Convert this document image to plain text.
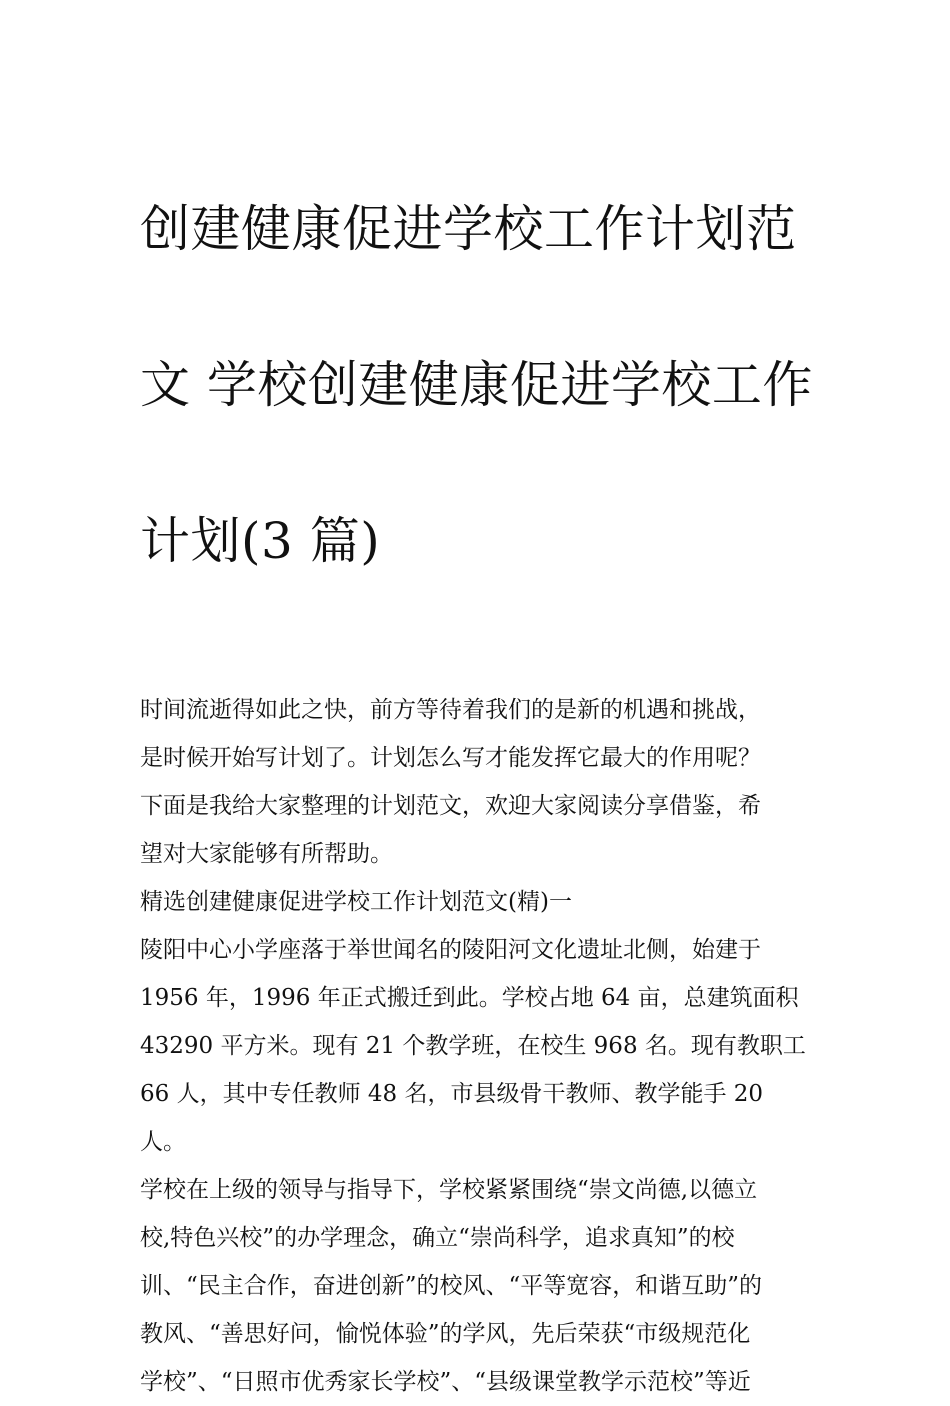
创建健康促进学校工作计划范

文 学校创建健康促进学校工作

计划(3 篇)

时间流逝得如此之快，前方等待着我们的是新的机遇和挑战，
是时候开始写计划了。计划怎么写才能发挥它最大的作用呢？
下面是我给大家整理的计划范文，欢迎大家阅读分享借鉴，希
望对大家能够有所帮助。

精选创建健康促进学校工作计划范文(精)一

陵阳中心小学座落于举世闻名的陵阳河文化遗址北侧，始建于
1956 年，1996 年正式搬迁到此。学校占地 64 亩，总建筑面积
43290 平方米。现有 21 个教学班，在校生 968 名。现有教职工
66 人，其中专任教师 48 名，市县级骨干教师、教学能手 20
人。

学校在上级的领导与指导下，学校紧紧围绕“崇文尚德,以德立
校,特色兴校”的办学理念，确立“崇尚科学，追求真知”的校
训、“民主合作，奋进创新”的校风、“平等宽容，和谐互助”的
教风、“善思好问，愉悦体验”的学风，先后荣获“市级规范化
学校”、“日照市优秀家长学校”、“县级课堂教学示范校”等近
